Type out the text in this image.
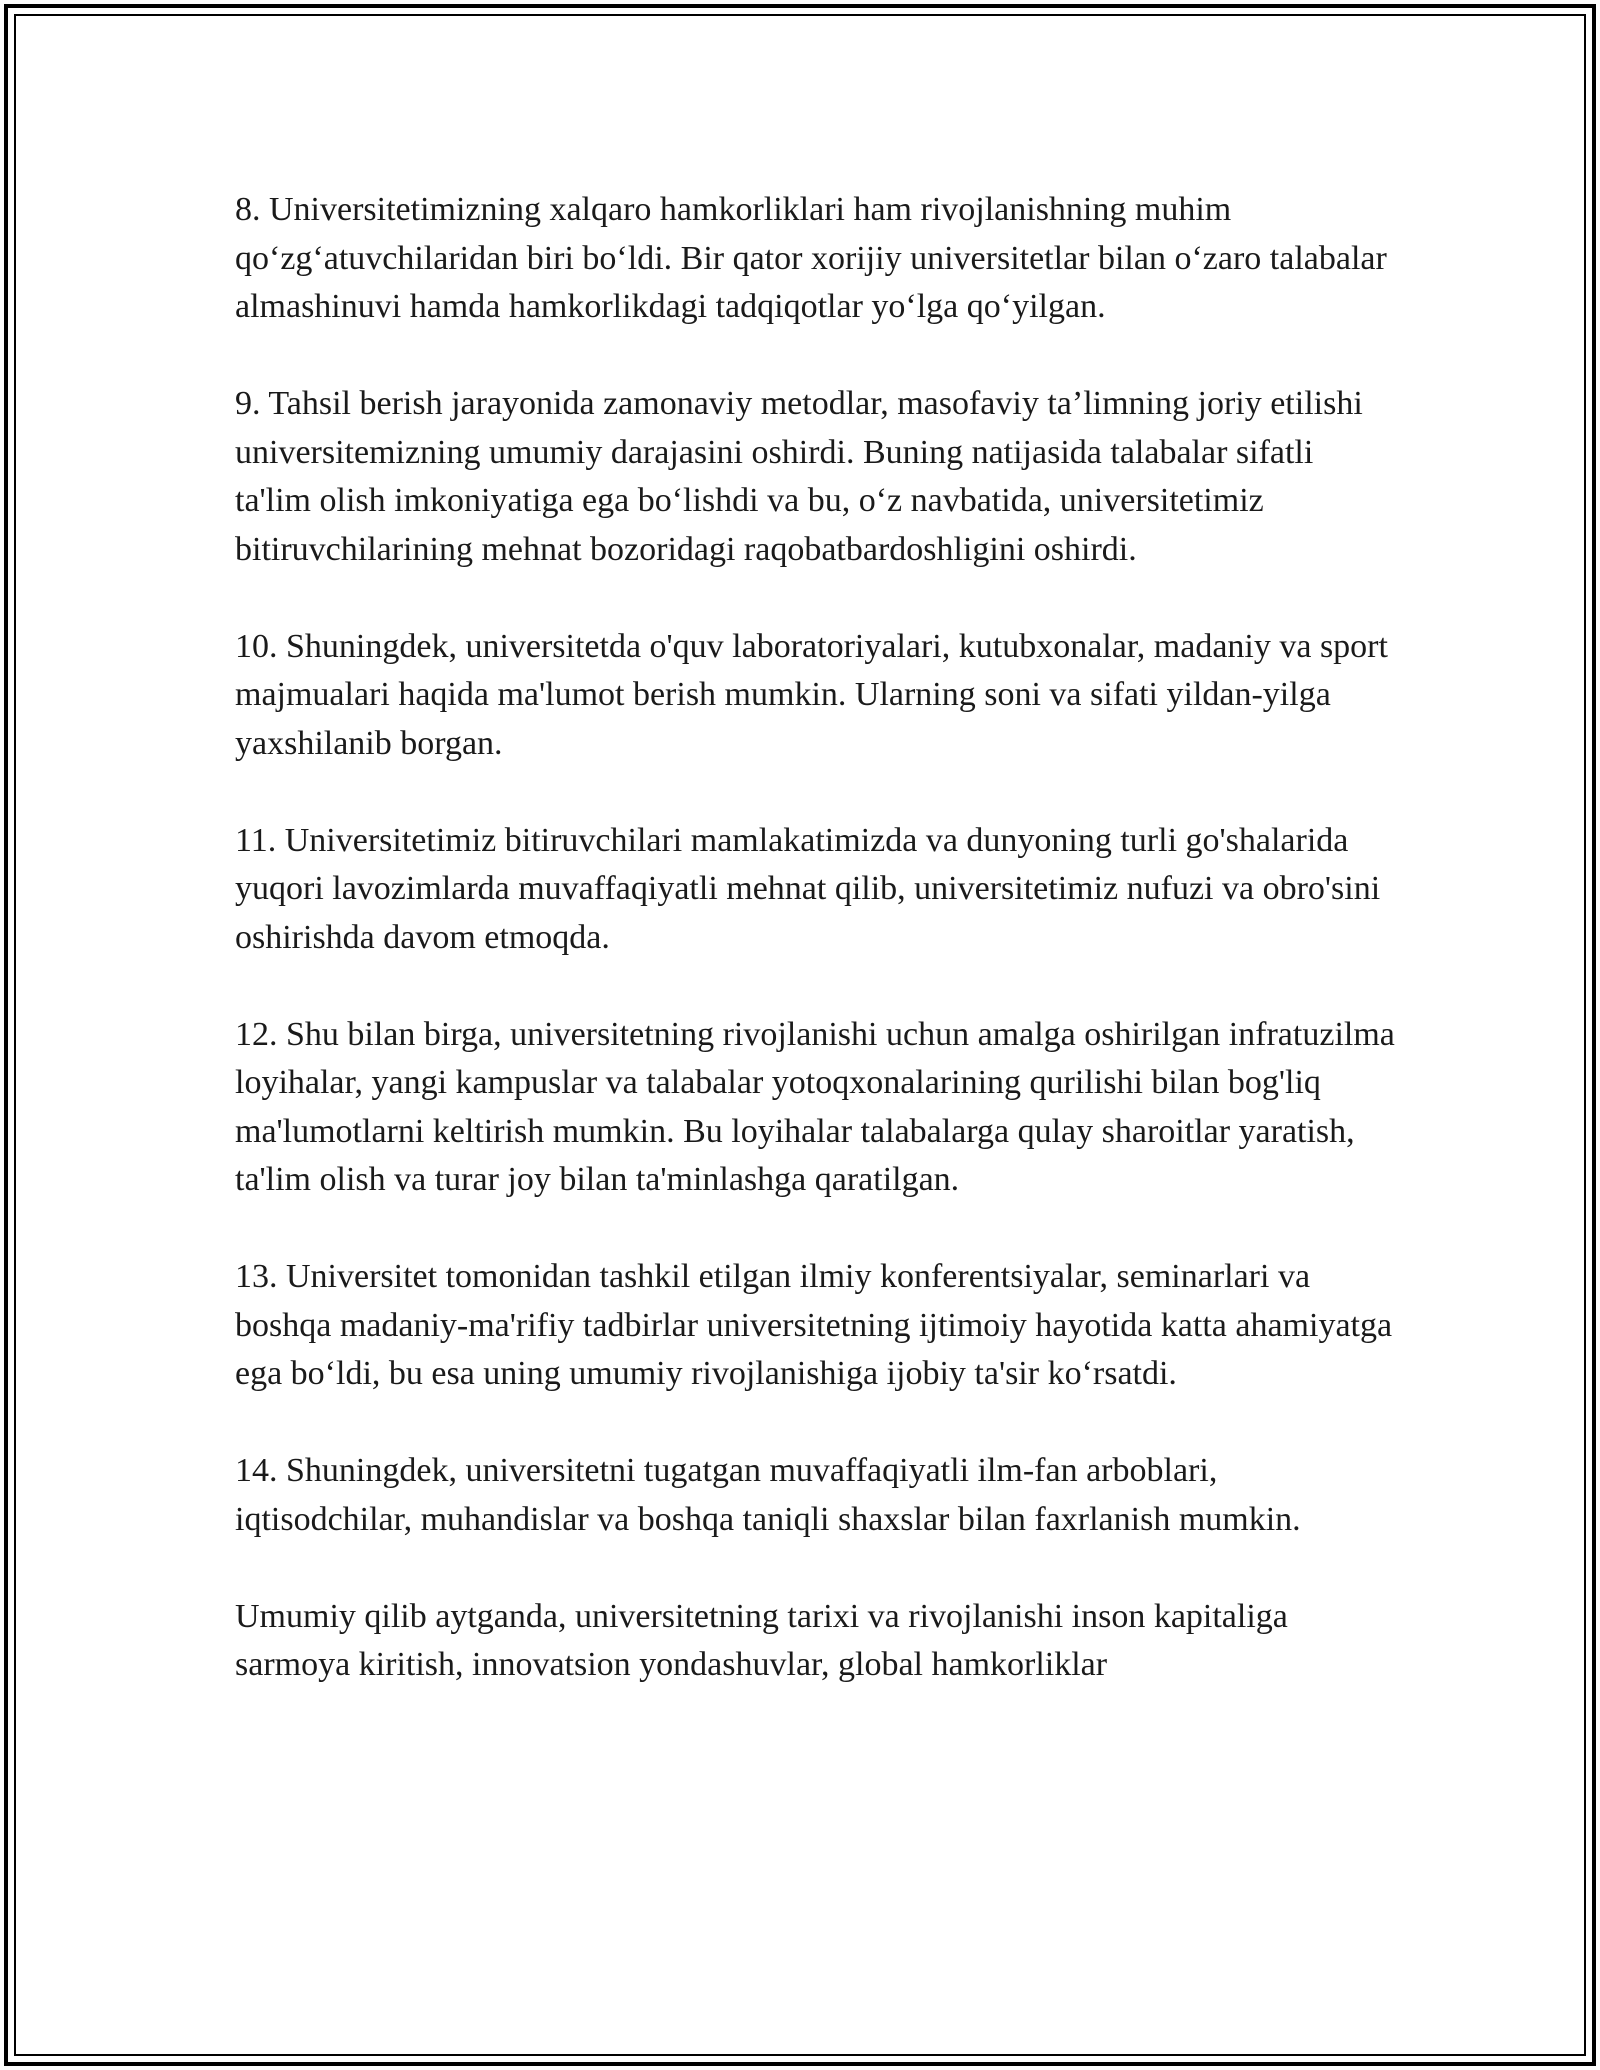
8. Universitetimizning xalqaro hamkorliklari ham rivojlanishning muhim qo‘zg‘atuvchilaridan biri bo‘ldi. Bir qator xorijiy universitetlar bilan o‘zaro talabalar almashinuvi hamda hamkorlikdagi tadqiqotlar yo‘lga qo‘yilgan.

9. Tahsil berish jarayonida zamonaviy metodlar, masofaviy ta’limning joriy etilishi universitemizning umumiy darajasini oshirdi. Buning natijasida talabalar sifatli ta'lim olish imkoniyatiga ega bo‘lishdi va bu, o‘z navbatida, universitetimiz bitiruvchilarining mehnat bozoridagi raqobatbardoshligini oshirdi.

10. Shuningdek, universitetda o'quv laboratoriyalari, kutubxonalar, madaniy va sport majmualari haqida ma'lumot berish mumkin. Ularning soni va sifati yildan-yilga yaxshilanib borgan.

11. Universitetimiz bitiruvchilari mamlakatimizda va dunyoning turli go'shalarida yuqori lavozimlarda muvaffaqiyatli mehnat qilib, universitetimiz nufuzi va obro'sini oshirishda davom etmoqda.

12. Shu bilan birga, universitetning rivojlanishi uchun amalga oshirilgan infratuzilma loyihalar, yangi kampuslar va talabalar yotoqxonalarining qurilishi bilan bog'liq ma'lumotlarni keltirish mumkin. Bu loyihalar talabalarga qulay sharoitlar yaratish, ta'lim olish va turar joy bilan ta'minlashga qaratilgan.

13. Universitet tomonidan tashkil etilgan ilmiy konferentsiyalar, seminarlari va boshqa madaniy-ma'rifiy tadbirlar universitetning ijtimoiy hayotida katta ahamiyatga ega bo‘ldi, bu esa uning umumiy rivojlanishiga ijobiy ta'sir ko‘rsatdi.

14. Shuningdek, universitetni tugatgan muvaffaqiyatli ilm-fan arboblari, iqtisodchilar, muhandislar va boshqa taniqli shaxslar bilan faxrlanish mumkin.

Umumiy qilib aytganda, universitetning tarixi va rivojlanishi inson kapitaliga sarmoya kiritish, innovatsion yondashuvlar, global hamkorliklar
